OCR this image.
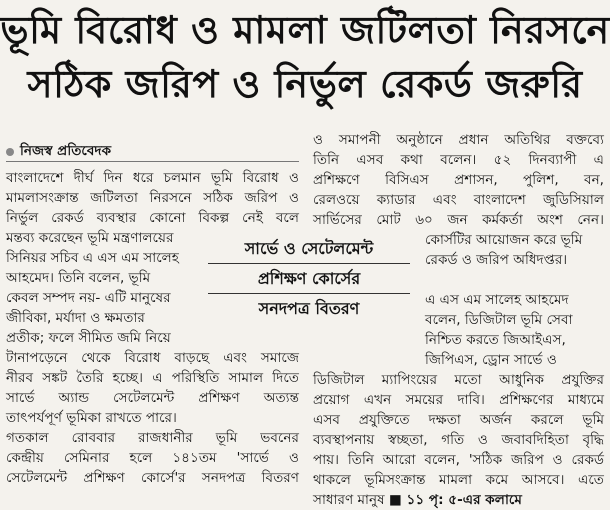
ভূমি বিরোধ ও মামলা জটিলতা নিরসনে
সঠিক জরিপ ও নির্ভুল রেকর্ড জরুরি
নিজস্ব প্রতিবেদক

বাংলাদেশে দীর্ঘ দিন ধরে চলমান ভূমি বিরোধ ও

মামলাসংক্রান্ত জটিলতা নিরসনে সঠিক জরিপ ও

নির্ভুল রেকর্ড ব্যবস্থার কোনো বিকল্প নেই বলে

মন্তব্য করেছেন ভূমি মন্ত্রণালয়ের

সিনিয়র সচিব এ এস এম সালেহ

আহমেদ। তিনি বলেন, ভূমি

কেবল সম্পদ নয়- এটি মানুষের

জীবিকা, মর্যাদা ও ক্ষমতার

প্রতীক; ফলে সীমিত জমি নিয়ে

টানাপড়েনে থেকে বিরোধ বাড়ছে এবং সমাজে

নীরব সঙ্কট তৈরি হচ্ছে। এ পরিস্থিতি সামাল দিতে

সার্ভে অ্যান্ড সেটেলমেন্ট প্রশিক্ষণ অত্যন্ত

তাৎপর্যপূর্ণ ভূমিকা রাখতে পারে।

গতকাল রোববার রাজধানীর ভূমি ভবনের

কেন্দ্রীয় সেমিনার হলে ১৪১তম 'সার্ভে ও

সেটেলমেন্ট প্রশিক্ষণ কোর্সে'র সনদপত্র বিতরণ

ও সমাপনী অনুষ্ঠানে প্রধান অতিথির বক্তব্যে

তিনি এসব কথা বলেন। ৫২ দিনব্যাপী এ

প্রশিক্ষণে বিসিএস প্রশাসন, পুলিশ, বন,

রেলওয়ে ক্যাডার এবং বাংলাদেশ জুডিসিয়াল

সার্ভিসের মোট ৬০ জন কর্মকর্তা অংশ নেন।

কোর্সটির আয়োজন করে ভূমি

রেকর্ড ও জরিপ অধিদপ্তর।

এ এস এম সালেহ আহমেদ

বলেন, ডিজিটাল ভূমি সেবা

নিশ্চিত করতে জিআইএস,

জিপিএস, ড্রোন সার্ভে ও

ডিজিটাল ম্যাপিংয়ের মতো আধুনিক প্রযুক্তির

প্রয়োগ এখন সময়ের দাবি। প্রশিক্ষণের মাধ্যমে

এসব প্রযুক্তিতে দক্ষতা অর্জন করলে ভূমি

ব্যবস্থাপনায় স্বচ্ছতা, গতি ও জবাবদিহিতা বৃদ্ধি

পায়। তিনি আরো বলেন, 'সঠিক জরিপ ও রেকর্ড

থাকলে ভূমিসংক্রান্ত মামলা কমে আসবে। এতে

সাধারণ মানুষ ■ ১১ পৃ: ৫-এর কলামে

সার্ভে ও সেটেলমেন্ট
প্রশিক্ষণ কোর্সের
সনদপত্র বিতরণ
